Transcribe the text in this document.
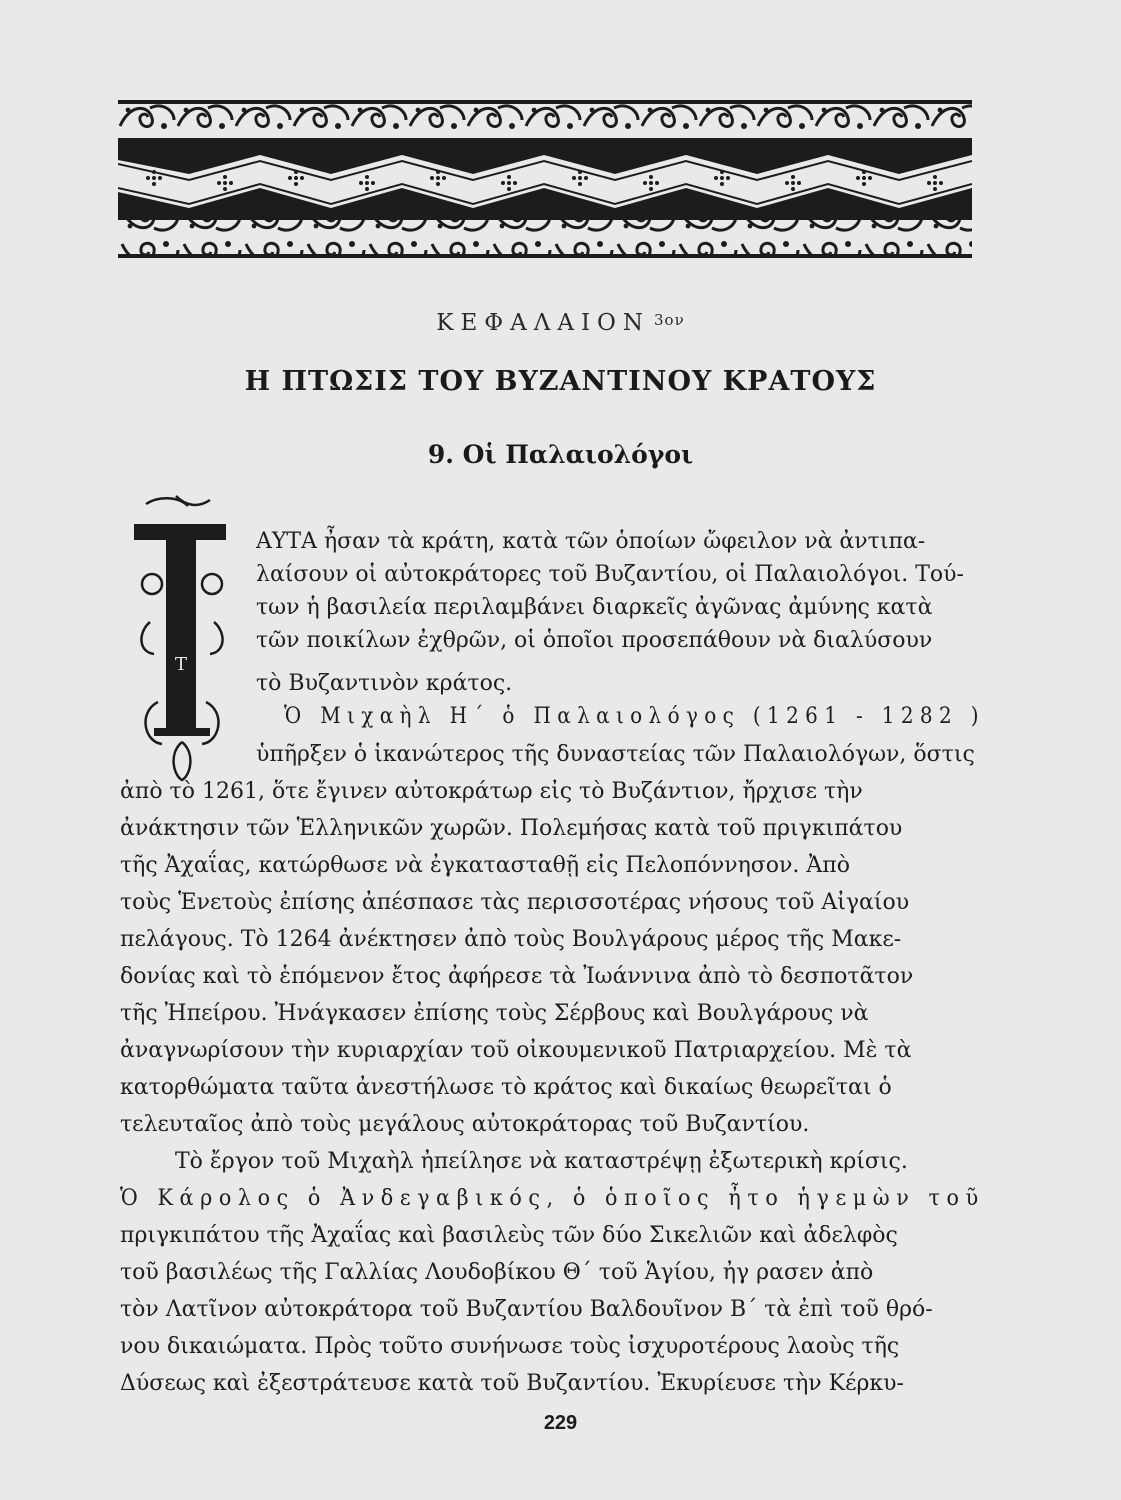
ΚΕΦΑΛΑΙΟΝ $^{3o\nu}$
Η ΠΤΩΣΙΣ ΤΟΥ ΒΥΖΑΝΤΙΝΟΥ ΚΡΑΤΟΥΣ
9. Οἱ Παλαιολόγοι
Τ
ΑΥΤΑ ἦσαν τὰ κράτη, κατὰ τῶν ὁποίων ὤφειλον νὰ ἀντιπα-
λαίσουν οἱ αὐτοκράτορες τοῦ Βυζαντίου, οἱ Παλαιολόγοι. Τού-
των ἡ βασιλεία περιλαμβάνει διαρκεῖς ἀγῶνας ἀμύνης κατὰ
τῶν ποικίλων ἐχθρῶν, οἱ ὁποῖοι προσεπάθουν νὰ διαλύσουν
τὸ Βυζαντινὸν κράτος.
Ὁ Μιχαὴλ Η΄ ὁ Παλαιολόγος (1261 - 1282 )
ὑπῆρξεν ὁ ἱκανώτερος τῆς δυναστείας τῶν Παλαιολόγων, ὅστις
ἀπὸ τὸ 1261, ὅτε ἔγινεν αὐτοκράτωρ εἰς τὸ Βυζάντιον, ἤρχισε τὴν
ἀνάκτησιν τῶν Ἑλληνικῶν χωρῶν. Πολεμήσας κατὰ τοῦ πριγκιπάτου
τῆς Ἀχαΐας, κατώρθωσε νὰ ἐγκατασταθῇ εἰς Πελοπόννησον. Ἀπὸ
τοὺς Ἑνετοὺς ἐπίσης ἀπέσπασε τὰς περισσοτέρας νήσους τοῦ Αἰγαίου
πελάγους. Τὸ 1264 ἀνέκτησεν ἀπὸ τοὺς Βουλγάρους μέρος τῆς Μακε-
δονίας καὶ τὸ ἑπόμενον ἔτος ἀφήρεσε τὰ Ἰωάννινα ἀπὸ τὸ δεσποτᾶτον
τῆς Ἠπείρου. Ἠνάγκασεν ἐπίσης τοὺς Σέρβους καὶ Βουλγάρους νὰ
ἀναγνωρίσουν τὴν κυριαρχίαν τοῦ οἰκουμενικοῦ Πατριαρχείου. Μὲ τὰ
κατορθώματα ταῦτα ἀνεστήλωσε τὸ κράτος καὶ δικαίως θεωρεῖται ὁ
τελευταῖος ἀπὸ τοὺς μεγάλους αὐτοκράτορας τοῦ Βυζαντίου.
Τὸ ἔργον τοῦ Μιχαὴλ ἠπείλησε νὰ καταστρέψῃ ἐξωτερικὴ κρίσις.
Ὁ Κάρολος ὁ Ἀνδεγαβικός, ὁ ὁποῖος ἦτο ἡγεμὼν τοῦ
πριγκιπάτου τῆς Ἀχαΐας καὶ βασιλεὺς τῶν δύο Σικελιῶν καὶ ἀδελφὸς
τοῦ βασιλέως τῆς Γαλλίας Λουδοβίκου Θ΄ τοῦ Ἁγίου, ἠγ ρασεν ἀπὸ
τὸν Λατῖνον αὐτοκράτορα τοῦ Βυζαντίου Βαλδουῖνον Β΄ τὰ ἐπὶ τοῦ θρό-
νου δικαιώματα. Πρὸς τοῦτο συνήνωσε τοὺς ἰσχυροτέρους λαοὺς τῆς
Δύσεως καὶ ἐξεστράτευσε κατὰ τοῦ Βυζαντίου. Ἐκυρίευσε τὴν Κέρκυ-
229
